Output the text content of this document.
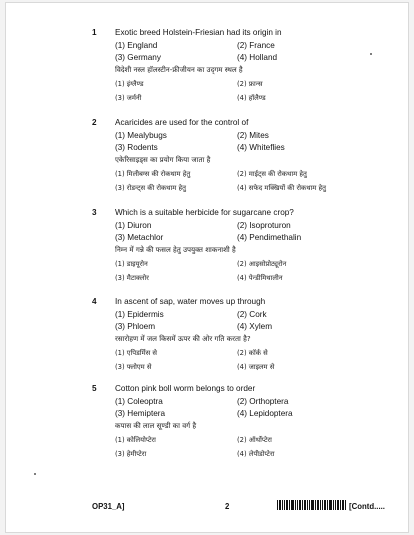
1 Exotic breed Holstein-Friesian had its origin in
(1) England	(2) France
(3) Germany	(4) Holland
विदेशी नस्ल हॉलस्टीन-फ्रीजीयन का उद्‌गम स्थल है
(1) इंग्लैण्ड	(2) फ्रान्स
(3) जर्मनी	(4) हॉलैण्ड
2 Acaricides are used for the control of
(1) Mealybugs	(2) Mites
(3) Rodents	(4) Whiteflies
एकेरिसाइड्स का प्रयोग किया जाता है
(1) मिलीबग्स की रोकथाम हेतु	(2) माईट्स की रोकथाम हेतु
(3) रोडन्ट्स की रोकथाम हेतु	(4) सफेद मक्खियों की रोकथाम हेतु
3 Which is a suitable herbicide for sugarcane crop?
(1) Diuron	(2) Isoproturon
(3) Metachlor	(4) Pendimethalin
निम्न में गन्ने की फसल हेतु उपयुक्त शाकनाशी है
(1) डाइयूरोन	(2) आइसोप्रोट्यूरोन
(3) मैटाक्लोर	(4) पेन्डीमिथालीन
4 In ascent of sap, water moves up through
(1) Epidermis	(2) Cork
(3) Phloem	(4) Xylem
रसारोहण में जल किसमें ऊपर की ओर गति करता है?
(1) एपिडर्मिस से	(2) कॉर्क से
(3) फ्लोएम से	(4) जाइलम से
5 Cotton pink boll worm belongs to order
(1) Coleoptra	(2) Orthoptera
(3) Hemiptera	(4) Lepidoptera
कपास की लाल सूण्डी का वर्ग है
(1) कोलियोप्टेरा	(2) ऑर्थोप्टेरा
(3) हेमीप्टेरा	(4) लेपीडोप्टेरा
OP31_A]	2	[Contd.....
